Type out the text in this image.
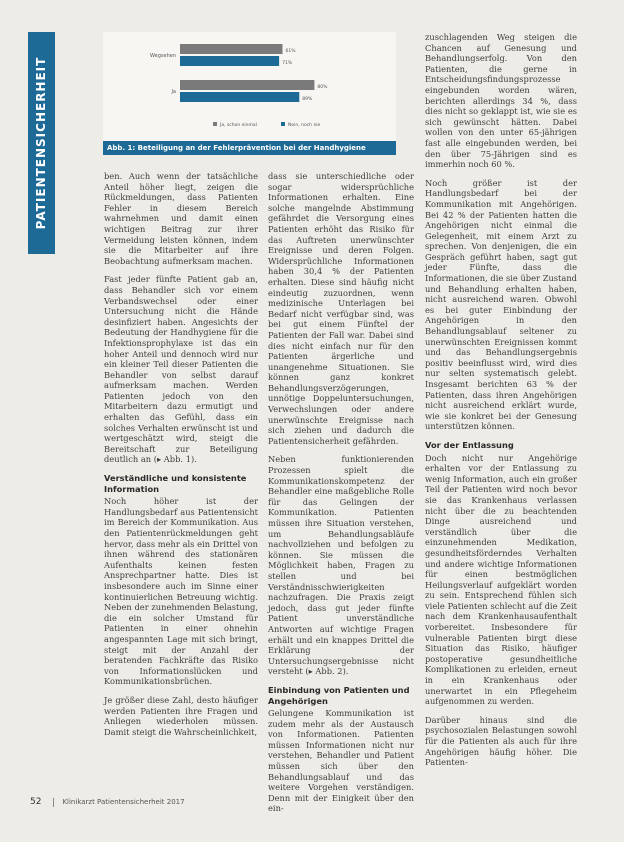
PATIENTENSICHERHEIT
Wegsehen
61%
71%
Ja
80%
89%
Ja, schon einmal	Nein, noch nie
Abb. 1: Beteiligung an der Fehlerprävention bei der Handhygiene

ben. Auch wenn der tatsächliche Anteil höher liegt, zeigen die Rückmeldungen, dass Patienten Fehler in diesem Bereich wahrnehmen und damit einen wichtigen Beitrag zur ihrer Vermeidung leisten können, indem sie die Mitarbeiter auf ihre Beobachtung aufmerksam machen.

Fast jeder fünfte Patient gab an, dass Behandler sich vor einem Verbandswechsel oder einer Untersuchung nicht die Hände desinfiziert haben. Angesichts der Bedeutung der Handhygiene für die Infektionsprophylaxe ist das ein hoher Anteil und dennoch wird nur ein kleiner Teil dieser Patienten die Behandler von selbst darauf aufmerksam machen. Werden Patienten jedoch von den Mitarbeitern dazu ermutigt und erhalten das Gefühl, dass ein solches Verhalten erwünscht ist und wertgeschätzt wird, steigt die Bereitschaft zur Beteiligung deutlich an (▸ Abb. 1).

Verständliche und konsistente Information

Noch höher ist der Handlungsbedarf aus Patientensicht im Bereich der Kommunikation. Aus den Patientenrückmeldungen geht hervor, dass mehr als ein Drittel von ihnen während des stationären Aufenthalts keinen festen Ansprechpartner hatte. Dies ist insbesondere auch im Sinne einer kontinuierlichen Betreuung wichtig. Neben der zunehmenden Belastung, die ein solcher Umstand für Patienten in einer ohnehin angespannten Lage mit sich bringt, steigt mit der Anzahl der beratenden Fachkräfte das Risiko von Informationslücken und Kommunikationsbrüchen.

Je größer diese Zahl, desto häufiger werden Patienten ihre Fragen und Anliegen wiederholen müssen. Damit steigt die Wahrscheinlichkeit,

dass sie unterschiedliche oder sogar widersprüchliche Informationen erhalten. Eine solche mangelnde Abstimmung gefährdet die Versorgung eines Patienten erhöht das Risiko für das Auftreten unerwünschter Ereignisse und deren Folgen. Widersprüchliche Informationen haben 30,4 % der Patienten erhalten. Diese sind häufig nicht eindeutig zuzuordnen, wenn medizinische Unterlagen bei Bedarf nicht verfügbar sind, was bei gut einem Fünftel der Patienten der Fall war. Dabei sind dies nicht einfach nur für den Patienten ärgerliche und unangenehme Situationen. Sie können ganz konkret Behandlungsverzögerungen, unnötige Doppeluntersuchungen, Verwechslungen oder andere unerwünschte Ereignisse nach sich ziehen und dadurch die Patientensicherheit gefährden.

Neben funktionierenden Prozessen spielt die Kommunikationskompetenz der Behandler eine maßgebliche Rolle für das Gelingen der Kommunikation. Patienten müssen ihre Situation verstehen, um Behandlungsabläufe nachvollziehen und befolgen zu können. Sie müssen die Möglichkeit haben, Fragen zu stellen und bei Verständnisschwierigkeiten nachzufragen. Die Praxis zeigt jedoch, dass gut jeder fünfte Patient unverständliche Antworten auf wichtige Fragen erhält und ein knappes Drittel die Erklärung der Untersuchungsergebnisse nicht versteht (▸ Abb. 2).

Einbindung von Patienten und Angehörigen

Gelungene Kommunikation ist zudem mehr als der Austausch von Informationen. Patienten müssen Informationen nicht nur verstehen, Behandler und Patient müssen sich über den Behandlungsablauf und das weitere Vorgehen verständigen. Denn mit der Einigkeit über den ein-

zuschlagenden Weg steigen die Chancen auf Genesung und Behandlungserfolg. Von den Patienten, die gerne in Entscheidungsfindungsprozesse eingebunden worden wären, berichten allerdings 34 %, dass dies nicht so geklappt ist, wie sie es sich gewünscht hätten. Dabei wollen von den unter 65-jährigen fast alle eingebunden werden, bei den über 75-Jährigen sind es immerhin noch 60 %.

Noch größer ist der Handlungsbedarf bei der Kommunikation mit Angehörigen. Bei 42 % der Patienten hatten die Angehörigen nicht einmal die Gelegenheit, mit einem Arzt zu sprechen. Von denjenigen, die ein Gespräch geführt haben, sagt gut jeder Fünfte, dass die Informationen, die sie über Zustand und Behandlung erhalten haben, nicht ausreichend waren. Obwohl es bei guter Einbindung der Angehörigen in den Behandlungsablauf seltener zu unerwünschten Ereignissen kommt und das Behandlungsergebnis positiv beeinflusst wird, wird dies nur selten systematisch gelebt. Insgesamt berichten 63 % der Patienten, dass ihren Angehörigen nicht ausreichend erklärt wurde, wie sie konkret bei der Genesung unterstützen können.

Vor der Entlassung

Doch nicht nur Angehörige erhalten vor der Entlassung zu wenig Information, auch ein großer Teil der Patienten wird noch bevor sie das Krankenhaus verlassen nicht über die zu beachtenden Dinge ausreichend und verständlich über die einzunehmenden Medikation, gesundheitsförderndes Verhalten und andere wichtige Informationen für einen bestmöglichen Heilungsverlauf aufgeklärt worden zu sein. Entsprechend fühlen sich viele Patienten schlecht auf die Zeit nach dem Krankenhausaufenthalt vorbereitet. Insbesondere für vulnerable Patienten birgt diese Situation das Risiko, häufiger postoperative gesundheitliche Komplikationen zu erleiden, erneut in ein Krankenhaus oder unerwartet in ein Pflegeheim aufgenommen zu werden.

Darüber hinaus sind die psychosozialen Belastungen sowohl für die Patienten als auch für ihre Angehörigen häufig höher. Die Patienten-

52	Klinikarzt Patientensicherheit 2017
